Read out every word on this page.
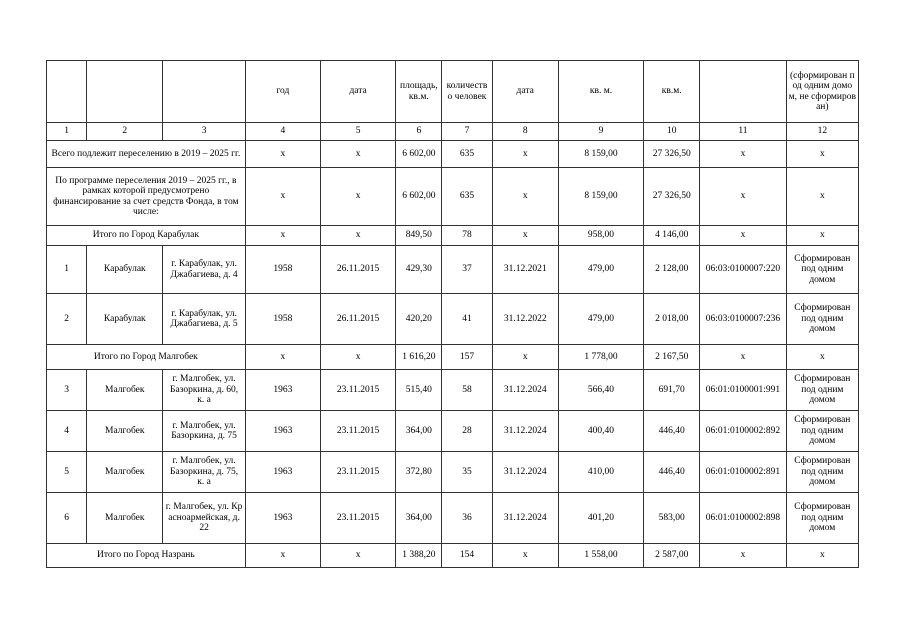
			год	дата	площадь, кв.м.	количество человек	дата	кв. м.	кв.м.		(сформирован под одним домом, не сформирован)
1	2	3	4	5	6	7	8	9	10	11	12
Всего подлежит переселению в 2019 – 2025 гг.			x	x	6 602,00	635	x	8 159,00	27 326,50	x	x
По программе переселения 2019 – 2025 гг., в рамках которой предусмотрено финансирование за счет средств Фонда, в том числе:			x	x	6 602,00	635	x	8 159,00	27 326,50	x	x
Итого по Город Карабулак			x	x	849,50	78	x	958,00	4 146,00	x	x
1	Карабулак	г. Карабулак, ул. Джабагиева, д. 4	1958	26.11.2015	429,30	37	31.12.2021	479,00	2 128,00	06:03:0100007:220	Сформирован под одним домом
2	Карабулак	г. Карабулак, ул. Джабагиева, д. 5	1958	26.11.2015	420,20	41	31.12.2022	479,00	2 018,00	06:03:0100007:236	Сформирован под одним домом
Итого по Город Малгобек			x	x	1 616,20	157	x	1 778,00	2 167,50	x	x
3	Малгобек	г. Малгобек, ул. Базоркина, д. 60, к. а	1963	23.11.2015	515,40	58	31.12.2024	566,40	691,70	06:01:0100001:991	Сформирован под одним домом
4	Малгобек	г. Малгобек, ул. Базоркина, д. 75	1963	23.11.2015	364,00	28	31.12.2024	400,40	446,40	06:01:0100002:892	Сформирован под одним домом
5	Малгобек	г. Малгобек, ул. Базоркина, д. 75, к. а	1963	23.11.2015	372,80	35	31.12.2024	410,00	446,40	06:01:0100002:891	Сформирован под одним домом
6	Малгобек	г. Малгобек, ул. Красноармейская, д. 22	1963	23.11.2015	364,00	36	31.12.2024	401,20	583,00	06:01:0100002:898	Сформирован под одним домом
Итого по Город Назрань			x	x	1 388,20	154	x	1 558,00	2 587,00	x	x
